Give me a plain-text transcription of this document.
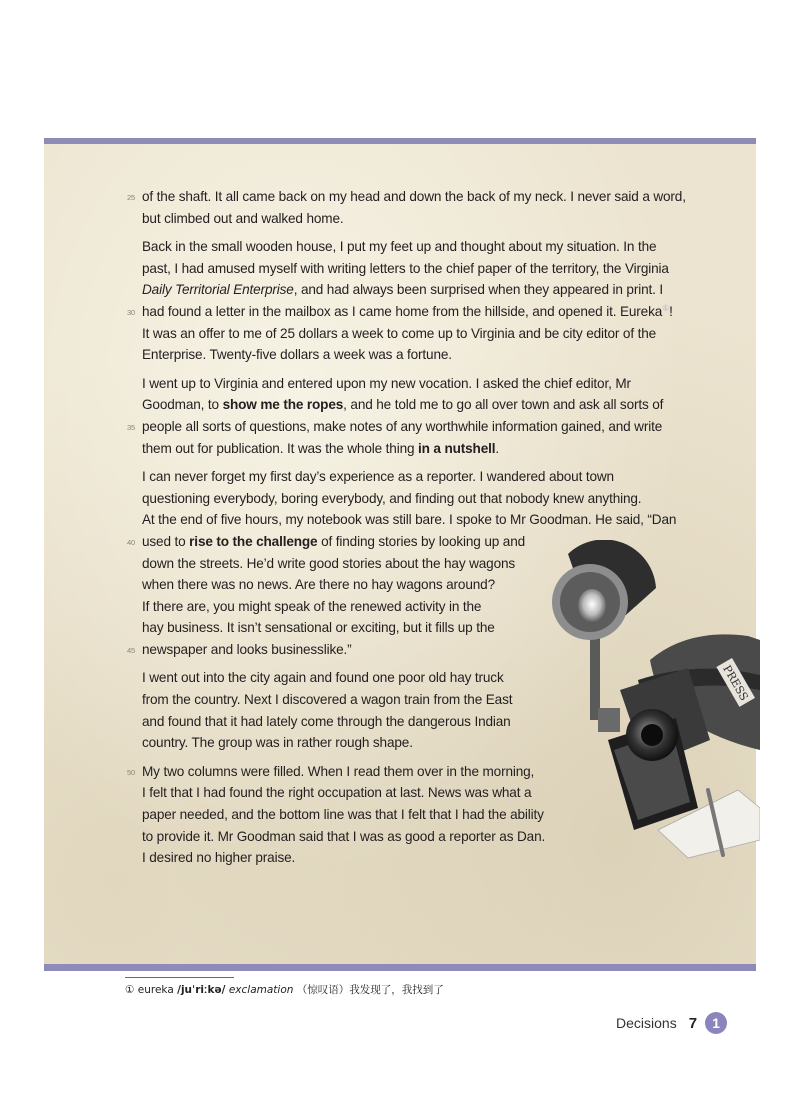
25 of the shaft. It all came back on my head and down the back of my neck. I never said a word,
but climbed out and walked home.
Back in the small wooden house, I put my feet up and thought about my situation. In the
past, I had amused myself with writing letters to the chief paper of the territory, the Virginia
Daily Territorial Enterprise, and had always been surprised when they appeared in print. I
30 had found a letter in the mailbox as I came home from the hillside, and opened it. Eureka①!
It was an offer to me of 25 dollars a week to come up to Virginia and be city editor of the
Enterprise. Twenty-five dollars a week was a fortune.
I went up to Virginia and entered upon my new vocation. I asked the chief editor, Mr
Goodman, to show me the ropes, and he told me to go all over town and ask all sorts of
35 people all sorts of questions, make notes of any worthwhile information gained, and write
them out for publication. It was the whole thing in a nutshell.
I can never forget my first day’s experience as a reporter. I wandered about town
questioning everybody, boring everybody, and finding out that nobody knew anything.
At the end of five hours, my notebook was still bare. I spoke to Mr Goodman. He said, “Dan
40 used to rise to the challenge of finding stories by looking up and
down the streets. He’d write good stories about the hay wagons
when there was no news. Are there no hay wagons around?
If there are, you might speak of the renewed activity in the
hay business. It isn’t sensational or exciting, but it fills up the
45 newspaper and looks businesslike.”
I went out into the city again and found one poor old hay truck
from the country. Next I discovered a wagon train from the East
and found that it had lately come through the dangerous Indian
country. The group was in rather rough shape.
50 My two columns were filled. When I read them over in the morning,
I felt that I had found the right occupation at last. News was what a
paper needed, and the bottom line was that I felt that I had the ability
to provide it. Mr Goodman said that I was as good a reporter as Dan.
I desired no higher praise.
PRESS
① eureka /juˈriːkə/ exclamation （惊叹语）我发现了，我找到了
Decisions 7	1
